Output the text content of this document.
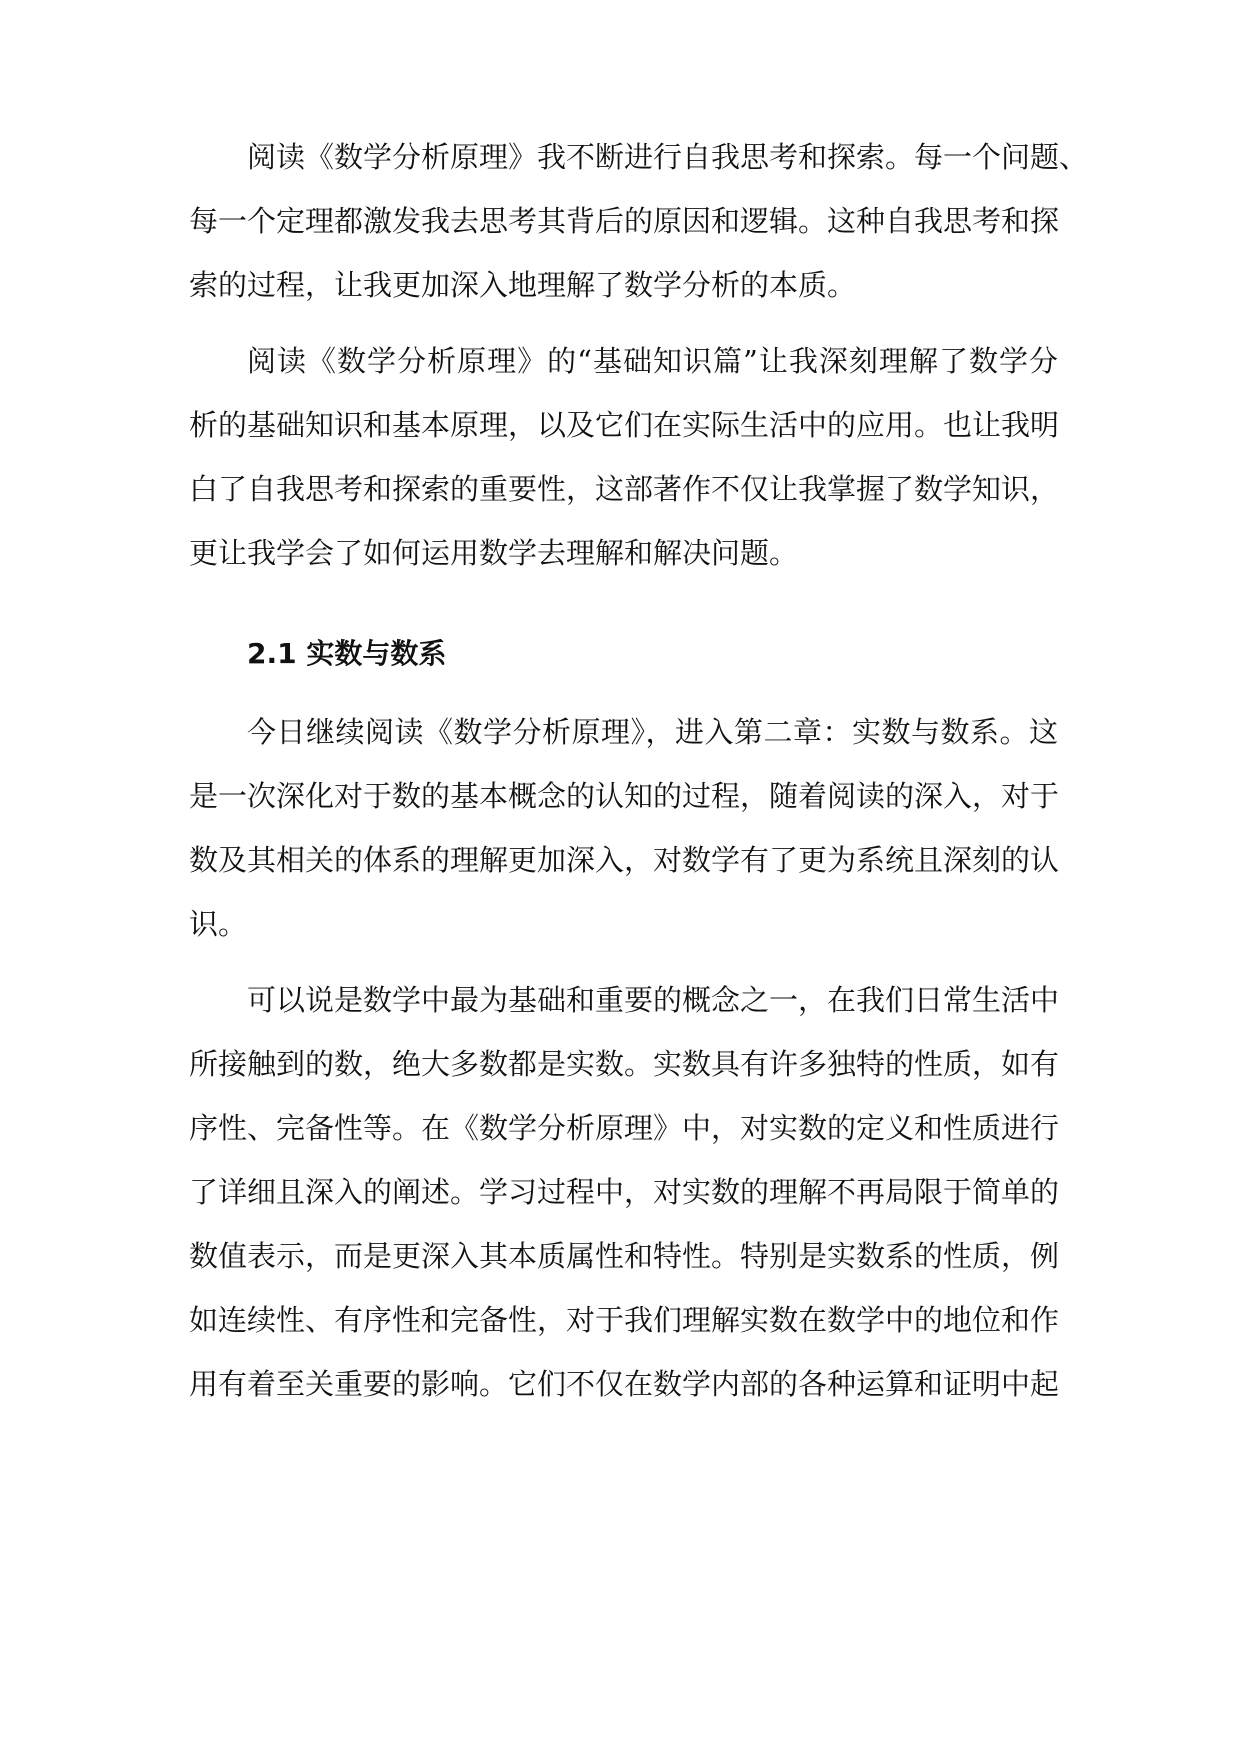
阅读《数学分析原理》我不断进行自我思考和探索。每一个问题、

每一个定理都激发我去思考其背后的原因和逻辑。这种自我思考和探

索的过程，让我更加深入地理解了数学分析的本质。

阅读《数学分析原理》的“基础知识篇”让我深刻理解了数学分

析的基础知识和基本原理，以及它们在实际生活中的应用。也让我明

白了自我思考和探索的重要性，这部著作不仅让我掌握了数学知识，

更让我学会了如何运用数学去理解和解决问题。

2.1 实数与数系

今日继续阅读《数学分析原理》，进入第二章：实数与数系。这

是一次深化对于数的基本概念的认知的过程，随着阅读的深入，对于

数及其相关的体系的理解更加深入，对数学有了更为系统且深刻的认

识。

可以说是数学中最为基础和重要的概念之一，在我们日常生活中

所接触到的数，绝大多数都是实数。实数具有许多独特的性质，如有

序性、完备性等。在《数学分析原理》中，对实数的定义和性质进行

了详细且深入的阐述。学习过程中，对实数的理解不再局限于简单的

数值表示，而是更深入其本质属性和特性。特别是实数系的性质，例

如连续性、有序性和完备性，对于我们理解实数在数学中的地位和作

用有着至关重要的影响。它们不仅在数学内部的各种运算和证明中起
